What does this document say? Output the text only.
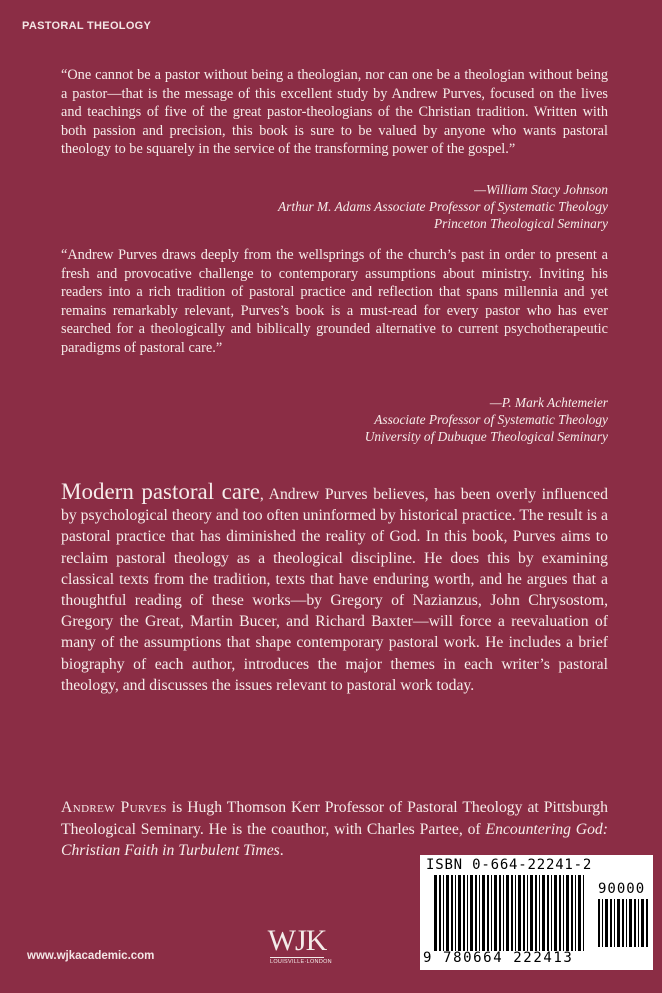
PASTORAL THEOLOGY
“One cannot be a pastor without being a theologian, nor can one be a theologian without being a pastor—that is the message of this excellent study by Andrew Purves, focused on the lives and teachings of five of the great pastor-theologians of the Christian tradition. Written with both passion and precision, this book is sure to be valued by anyone who wants pastoral theology to be squarely in the service of the transforming power of the gospel.”
—William Stacy Johnson
Arthur M. Adams Associate Professor of Systematic Theology
Princeton Theological Seminary
“Andrew Purves draws deeply from the wellsprings of the church’s past in order to present a fresh and provocative challenge to contemporary assumptions about ministry. Inviting his readers into a rich tradition of pastoral practice and reflection that spans millennia and yet remains remarkably relevant, Purves’s book is a must-read for every pastor who has ever searched for a theologically and biblically grounded alternative to current psychotherapeutic paradigms of pastoral care.”
—P. Mark Achtemeier
Associate Professor of Systematic Theology
University of Dubuque Theological Seminary
Modern pastoral care, Andrew Purves believes, has been overly influenced by psychological theory and too often uninformed by historical practice. The result is a pastoral practice that has diminished the reality of God. In this book, Purves aims to reclaim pastoral theology as a theological discipline. He does this by examining classical texts from the tradition, texts that have enduring worth, and he argues that a thoughtful reading of these works—by Gregory of Nazianzus, John Chrysostom, Gregory the Great, Martin Bucer, and Richard Baxter—will force a reevaluation of many of the assumptions that shape contemporary pastoral work. He includes a brief biography of each author, introduces the major themes in each writer’s pastoral theology, and discusses the issues relevant to pastoral work today.
Andrew Purves is Hugh Thomson Kerr Professor of Pastoral Theology at Pittsburgh Theological Seminary. He is the coauthor, with Charles Partee, of Encountering God: Christian Faith in Turbulent Times.
ISBN 0-664-22241-2
90000
9 780664 222413
WJK
LOUISVILLE·LONDON
www.wjkacademic.com
